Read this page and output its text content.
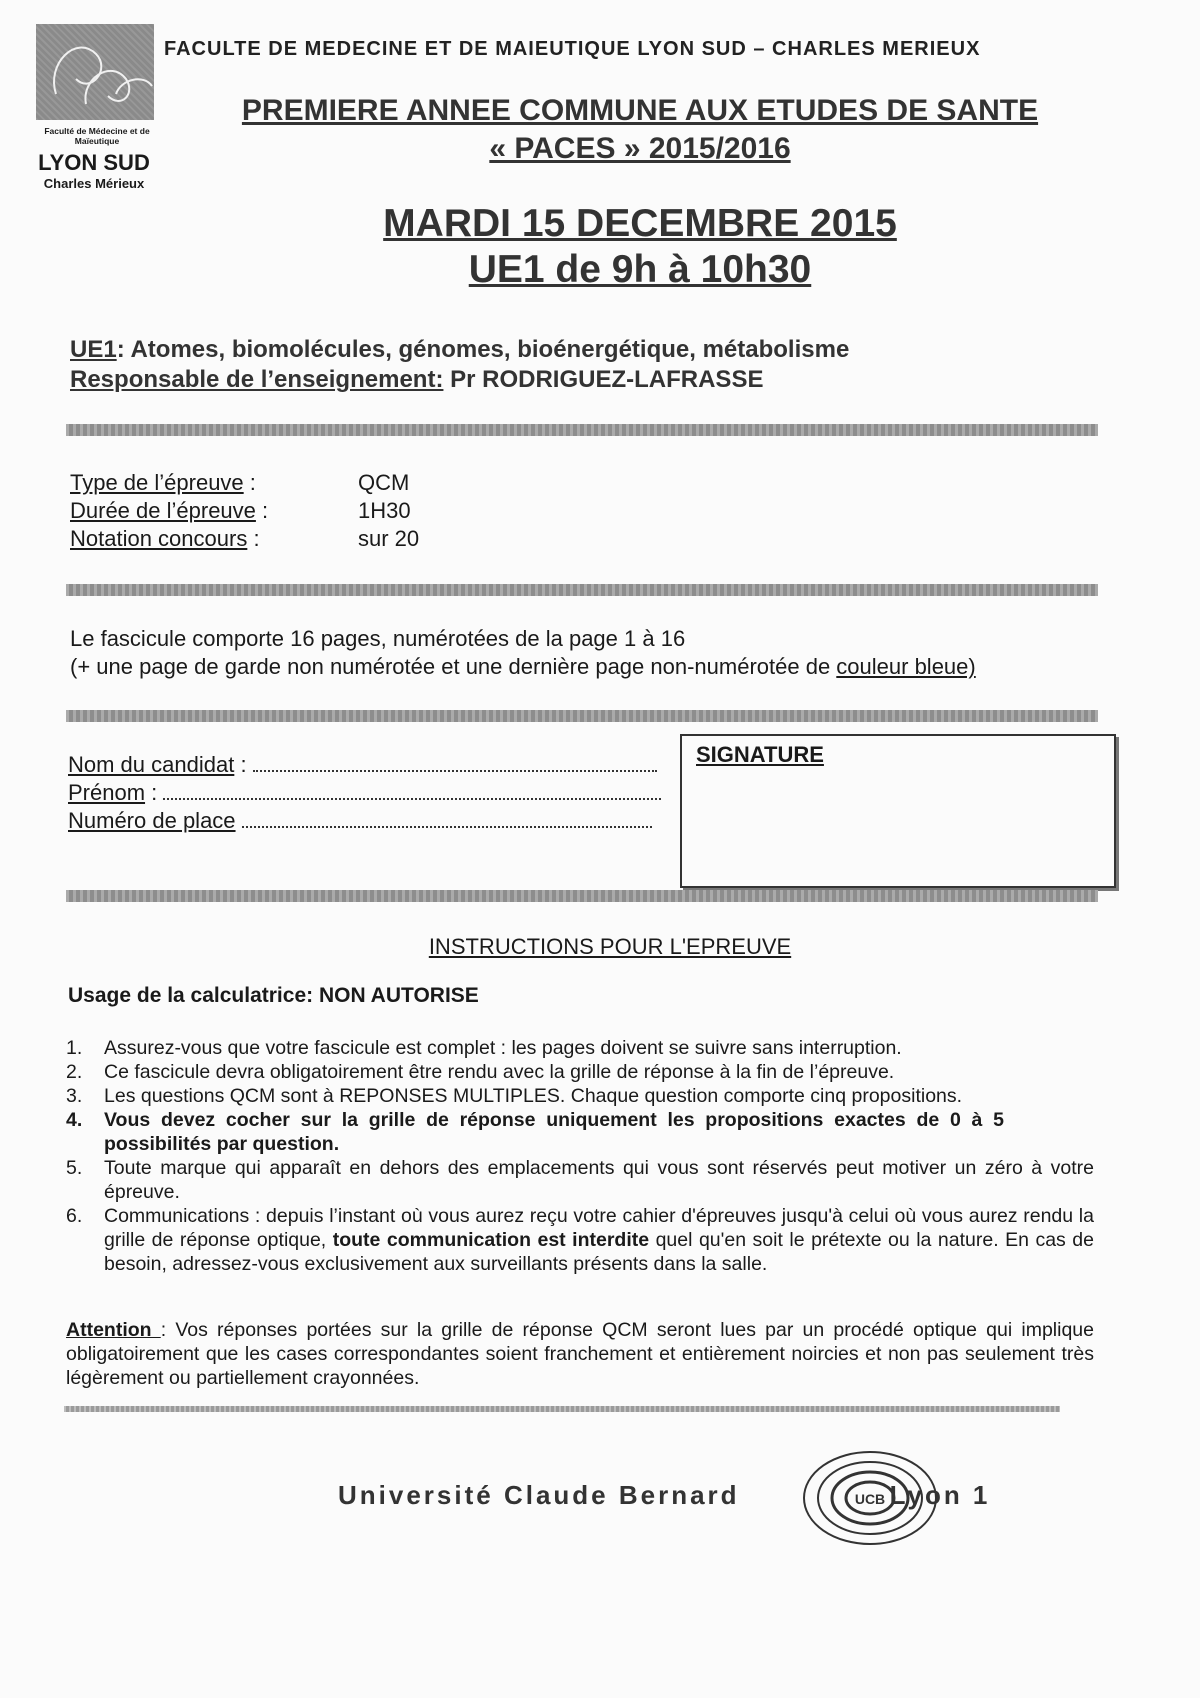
Faculté de Médecine et de Maïeutique
LYON SUD
Charles Mérieux
FACULTE DE MEDECINE ET DE MAIEUTIQUE LYON SUD – CHARLES MERIEUX
PREMIERE ANNEE COMMUNE AUX ETUDES DE SANTE
« PACES » 2015/2016
MARDI 15 DECEMBRE 2015
UE1 de 9h à 10h30
UE1: Atomes, biomolécules, génomes, bioénergétique, métabolisme
Responsable de l’enseignement: Pr RODRIGUEZ-LAFRASSE
Type de l’épreuve :	QCM
Durée de l’épreuve :	1H30
Notation concours :	sur 20
Le fascicule comporte 16 pages, numérotées de la page 1 à 16
(+ une page de garde non numérotée et une dernière page non-numérotée de couleur bleue)
Nom du candidat :
Prénom :
Numéro de place
SIGNATURE
INSTRUCTIONS POUR L'EPREUVE
Usage de la calculatrice: NON AUTORISE
1. Assurez-vous que votre fascicule est complet : les pages doivent se suivre sans interruption.
2. Ce fascicule devra obligatoirement être rendu avec la grille de réponse à la fin de l’épreuve.
3. Les questions QCM sont à REPONSES MULTIPLES. Chaque question comporte cinq propositions.
4. Vous devez cocher sur la grille de réponse uniquement les propositions exactes de 0 à 5 possibilités par question.
5. Toute marque qui apparaît en dehors des emplacements qui vous sont réservés peut motiver un zéro à votre épreuve.
6. Communications : depuis l’instant où vous aurez reçu votre cahier d'épreuves jusqu'à celui où vous aurez rendu la grille de réponse optique, toute communication est interdite quel qu'en soit le prétexte ou la nature. En cas de besoin, adressez-vous exclusivement aux surveillants présents dans la salle.
Attention : Vos réponses portées sur la grille de réponse QCM seront lues par un procédé optique qui implique obligatoirement que les cases correspondantes soient franchement et entièrement noircies et non pas seulement très légèrement ou partiellement crayonnées.
Université Claude Bernard	Lyon 1
UCB
